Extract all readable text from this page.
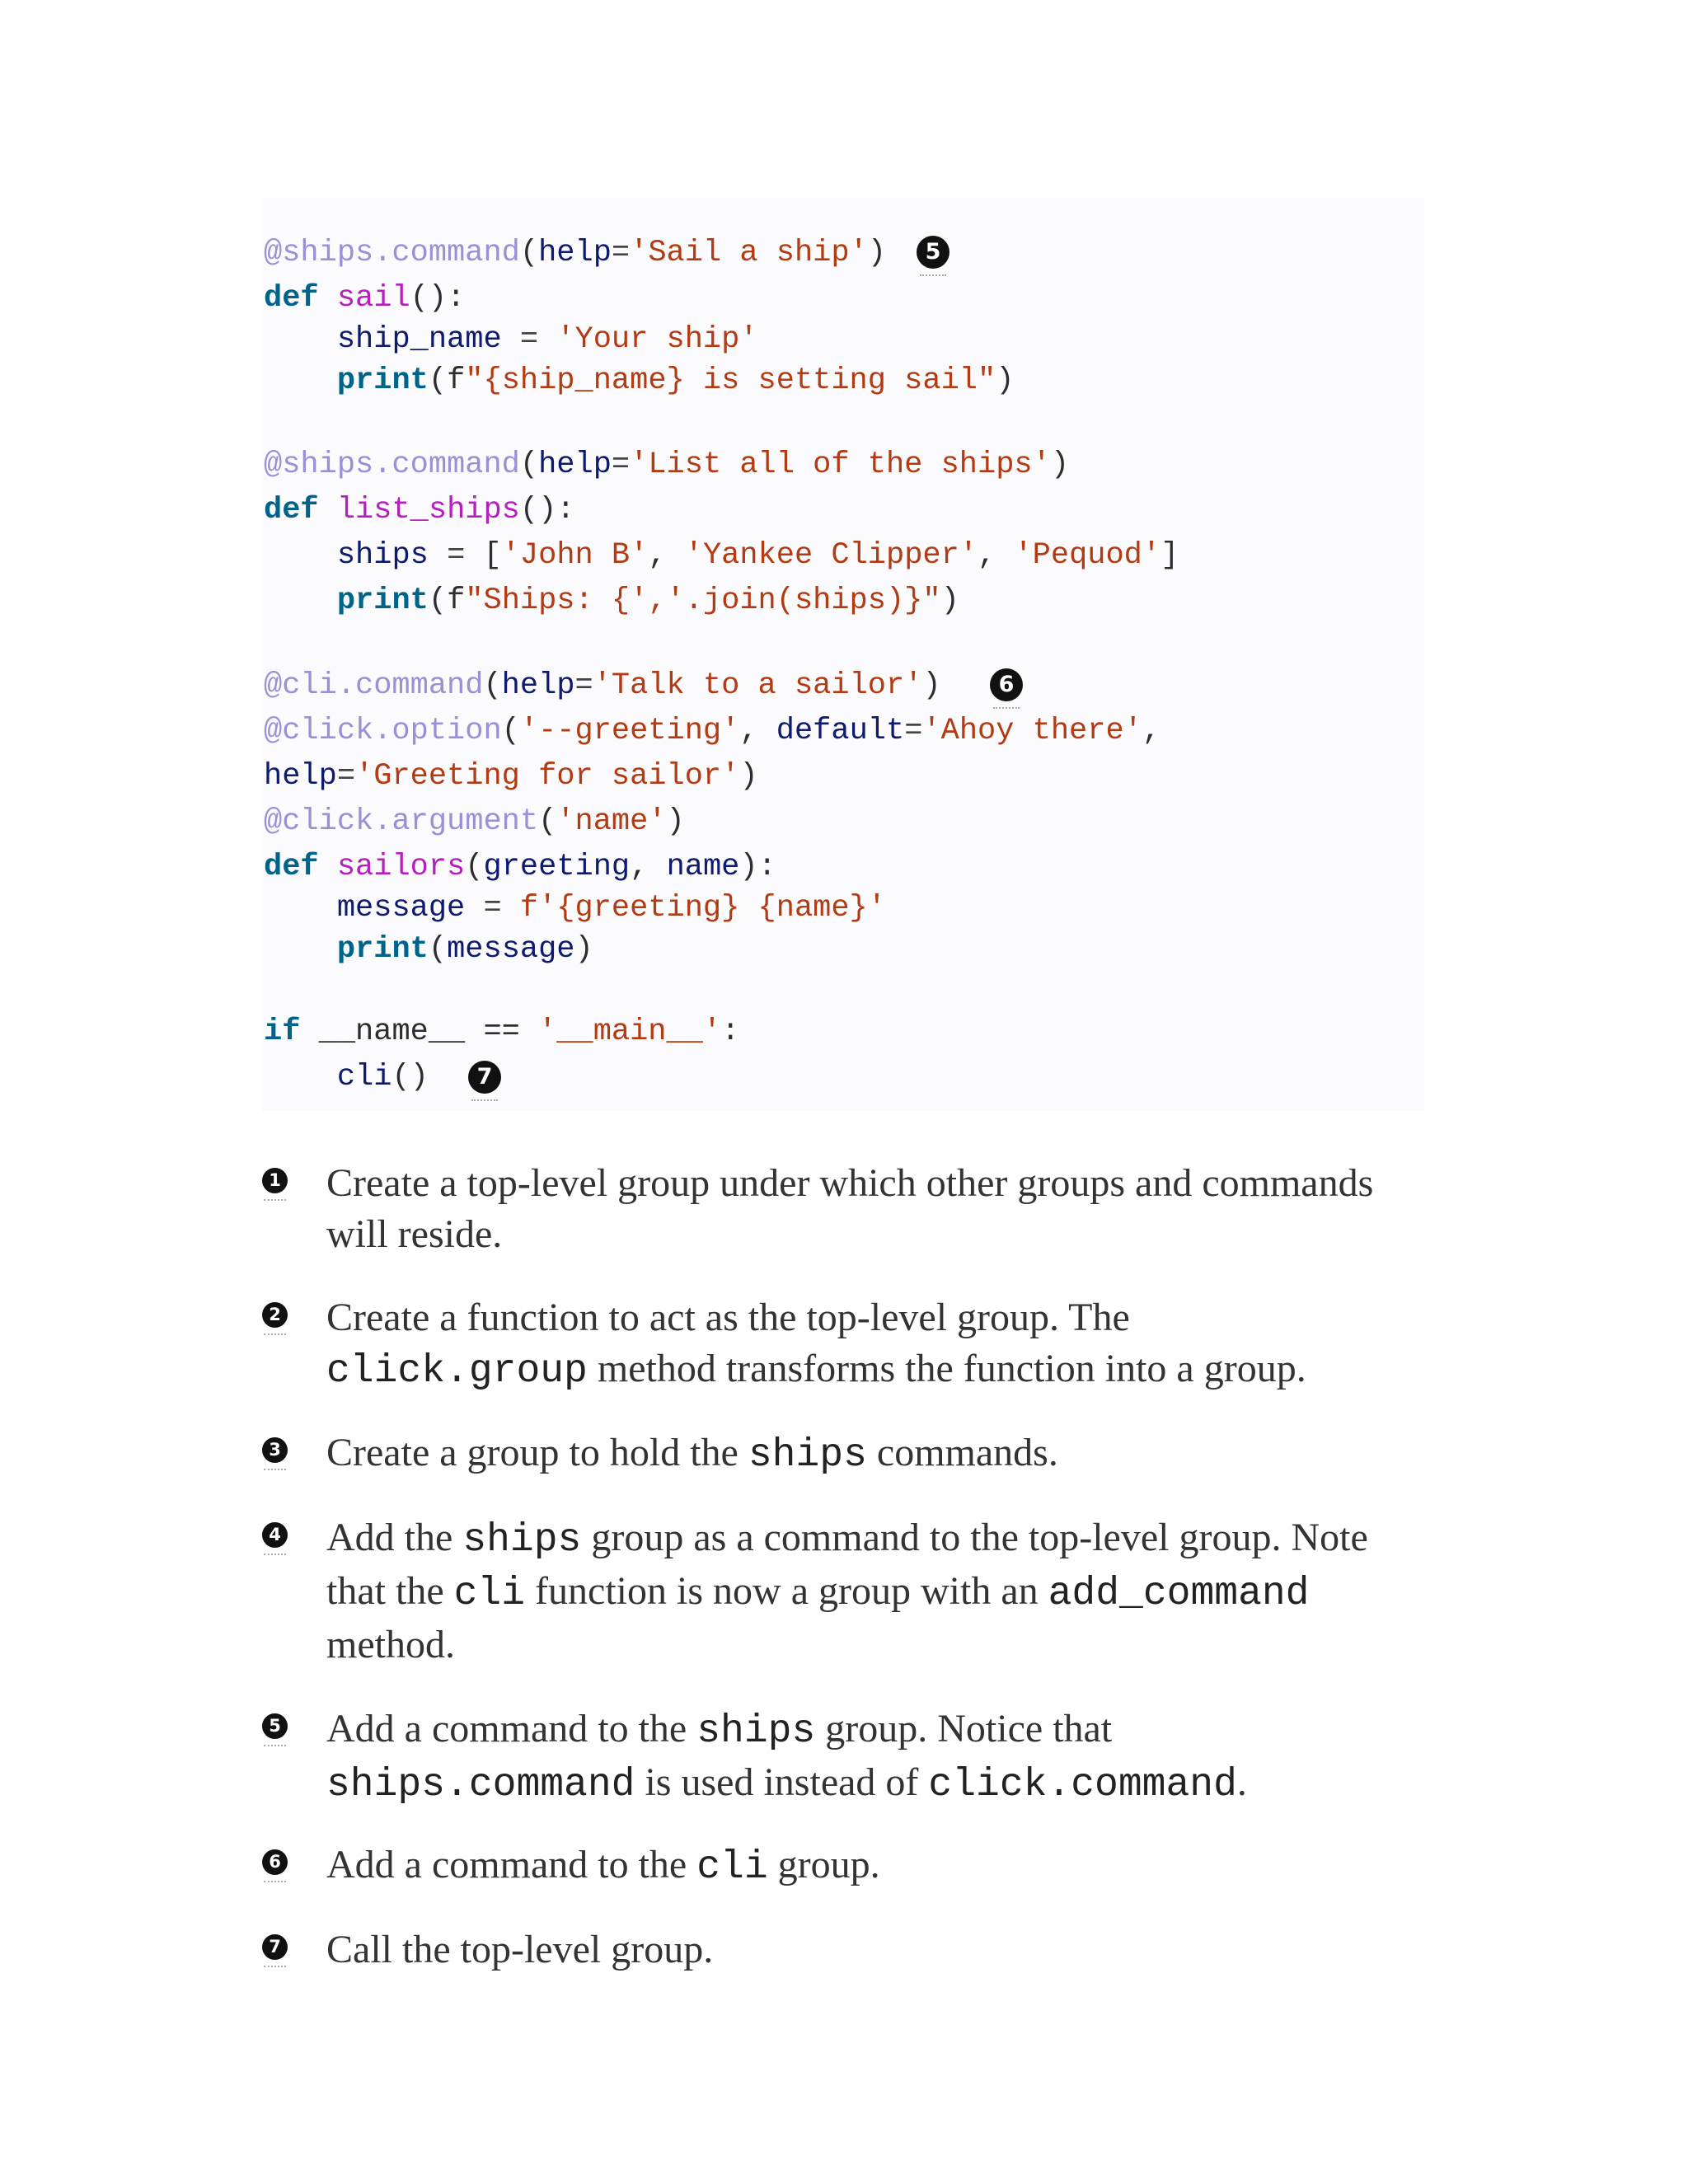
@ships.command(help='Sail a ship')	5
def sail():
ship_name = 'Your ship'
print(f"{ship_name} is setting sail")
@ships.command(help='List all of the ships')
def list_ships():
ships = ['John B', 'Yankee Clipper', 'Pequod']
print(f"Ships: {','.join(ships)}")
@cli.command(help='Talk to a sailor')	6
@click.option('--greeting', default='Ahoy there',
help='Greeting for sailor')
@click.argument('name')
def sailors(greeting, name):
message = f'{greeting} {name}'
print(message)
if __name__ == '__main__':
cli()	7
1 Create a top-level group under which other groups and commands
will reside.
2 Create a function to act as the top-level group. The
click.group method transforms the function into a group.
3 Create a group to hold the ships commands.
4 Add the ships group as a command to the top-level group. Note
that the cli function is now a group with an add_command
method.
5 Add a command to the ships group. Notice that
ships.command is used instead of click.command.
6 Add a command to the cli group.
7 Call the top-level group.
